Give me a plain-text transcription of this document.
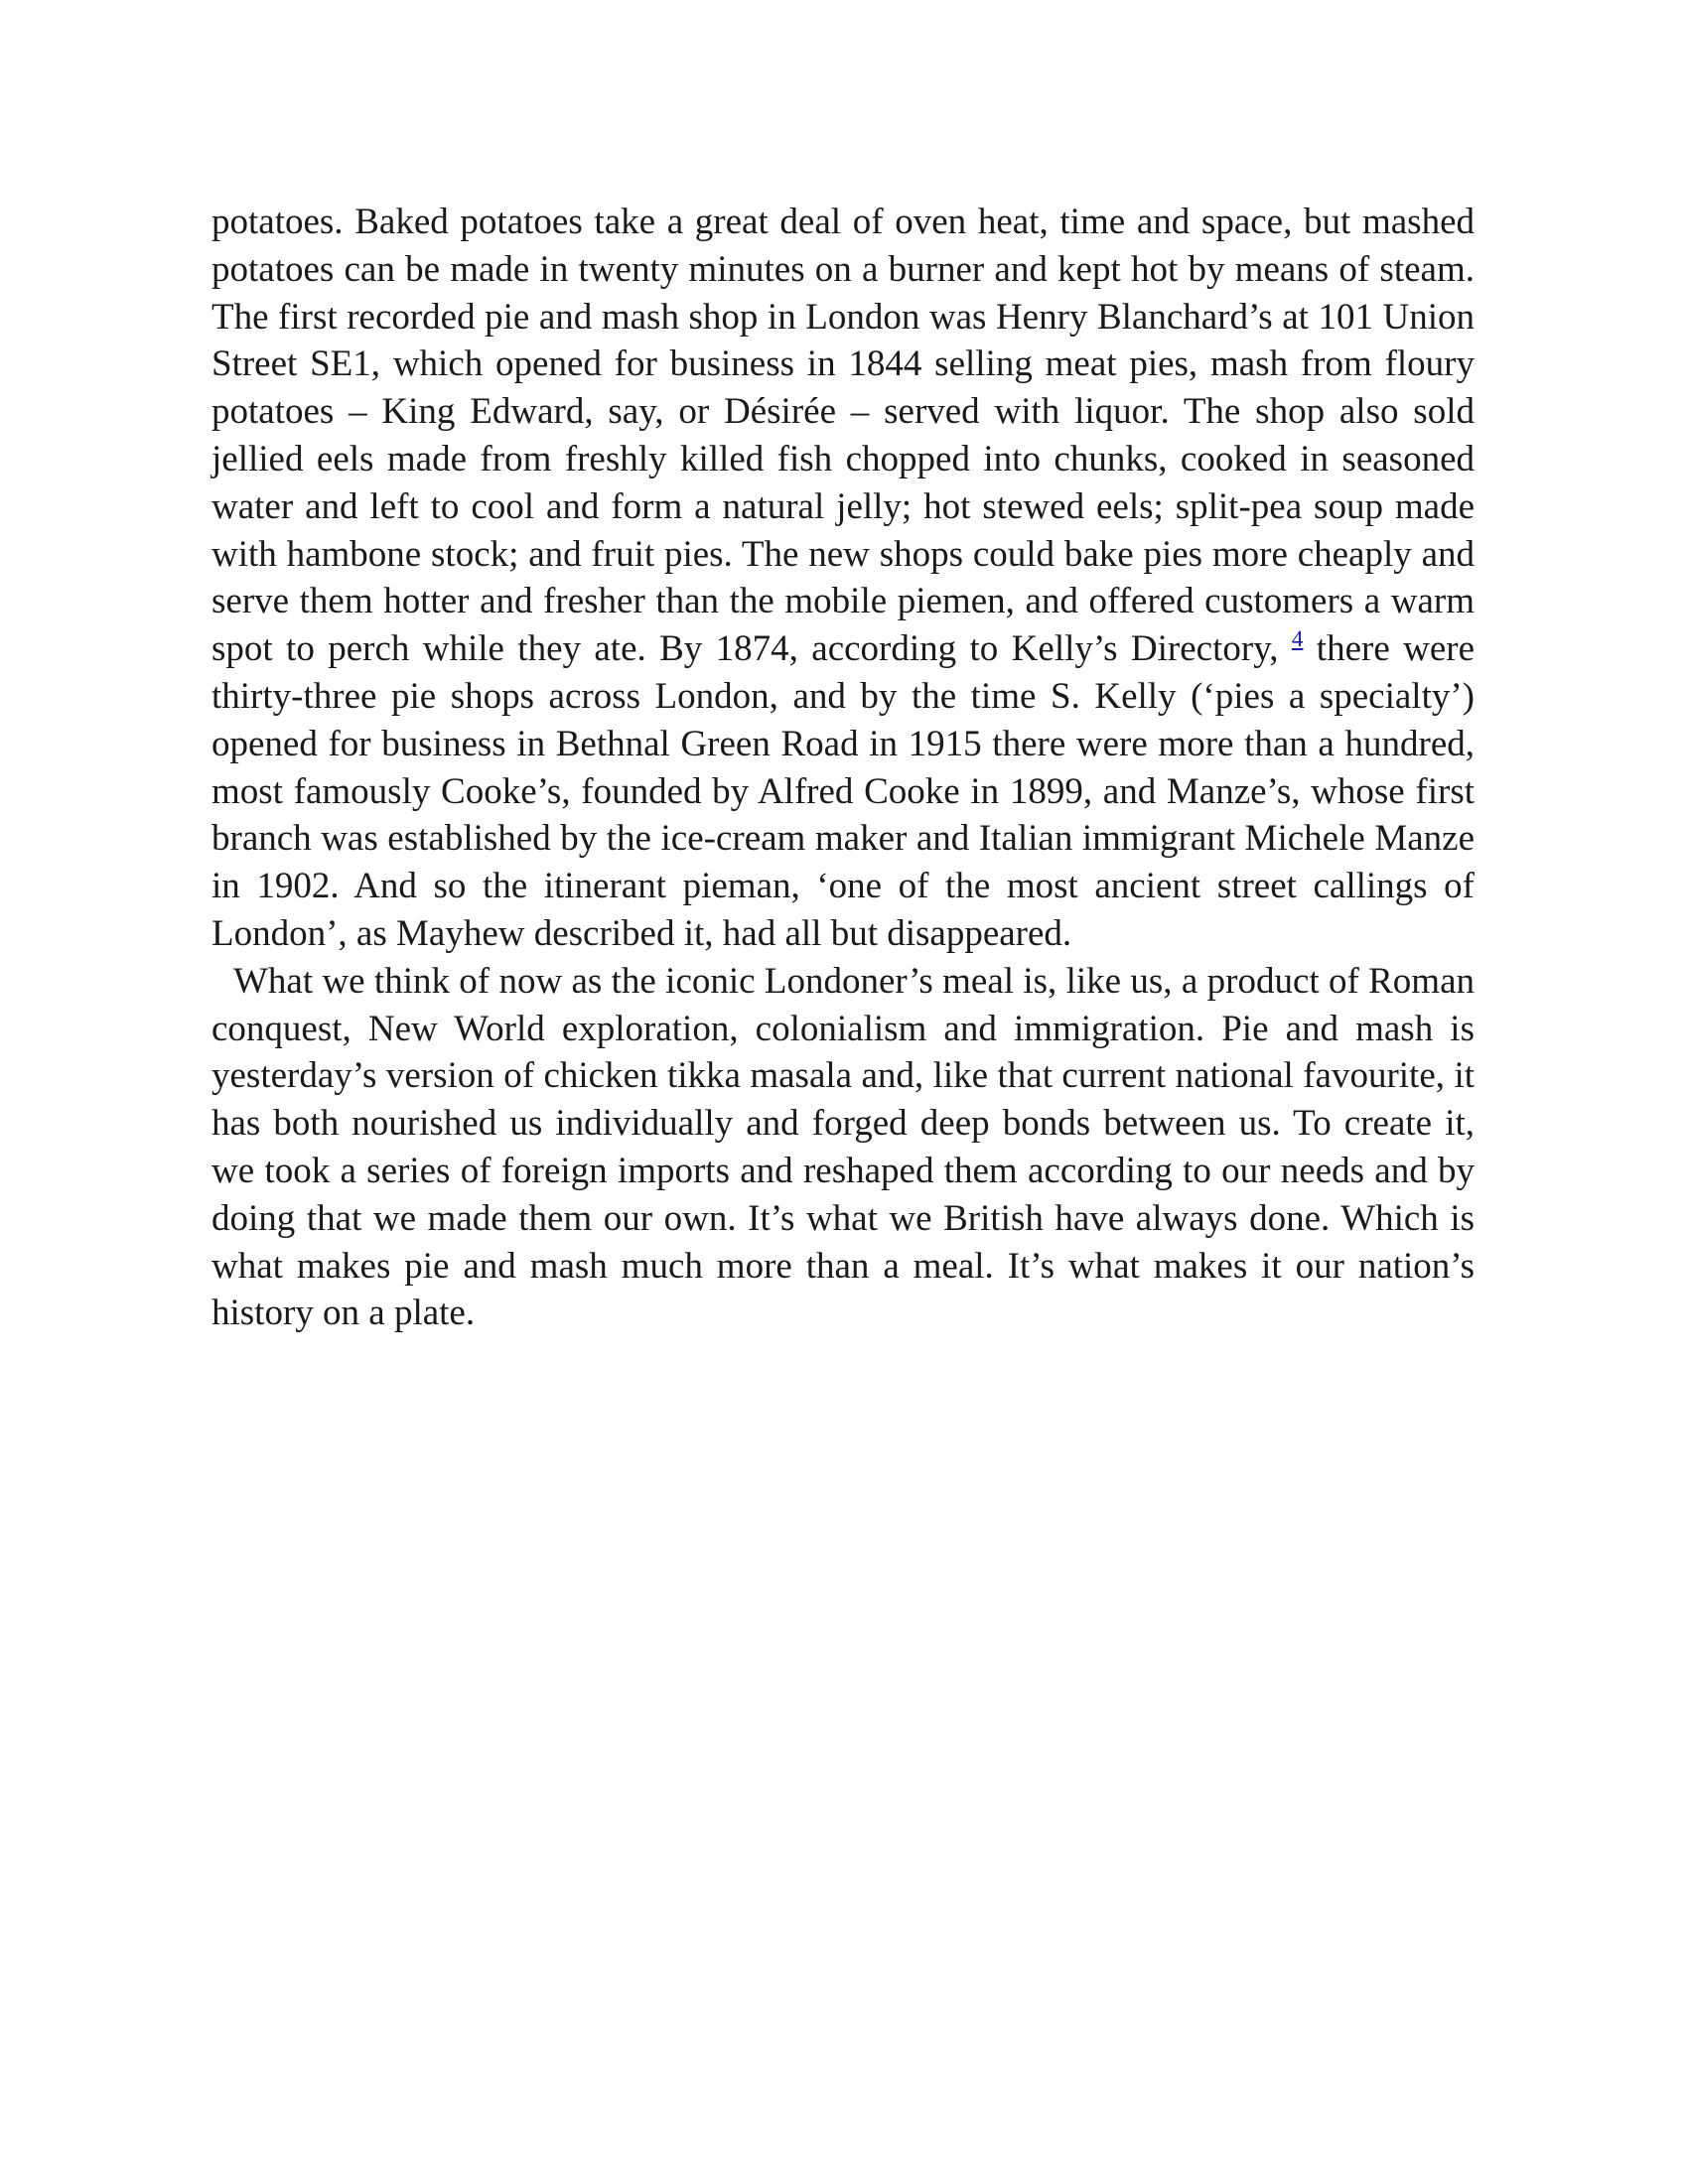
potatoes. Baked potatoes take a great deal of oven heat, time and space, but mashed potatoes can be made in twenty minutes on a burner and kept hot by means of steam. The first recorded pie and mash shop in London was Henry Blanchard’s at 101 Union Street SE1, which opened for business in 1844 selling meat pies, mash from floury potatoes – King Edward, say, or Désirée – served with liquor. The shop also sold jellied eels made from freshly killed fish chopped into chunks, cooked in seasoned water and left to cool and form a natural jelly; hot stewed eels; split-pea soup made with hambone stock; and fruit pies. The new shops could bake pies more cheaply and serve them hotter and fresher than the mobile piemen, and offered customers a warm spot to perch while they ate. By 1874, according to Kelly’s Directory, $^4$ there were thirty-three pie shops across London, and by the time S. Kelly (‘pies a specialty’) opened for business in Bethnal Green Road in 1915 there were more than a hundred, most famously Cooke’s, founded by Alfred Cooke in 1899, and Manze’s, whose first branch was established by the ice-cream maker and Italian immigrant Michele Manze in 1902. And so the itinerant pieman, ‘one of the most ancient street callings of London’, as Mayhew described it, had all but disappeared.

What we think of now as the iconic Londoner’s meal is, like us, a product of Roman conquest, New World exploration, colonialism and immigration. Pie and mash is yesterday’s version of chicken tikka masala and, like that current national favourite, it has both nourished us individually and forged deep bonds between us. To create it, we took a series of foreign imports and reshaped them according to our needs and by doing that we made them our own. It’s what we British have always done. Which is what makes pie and mash much more than a meal. It’s what makes it our nation’s history on a plate.
